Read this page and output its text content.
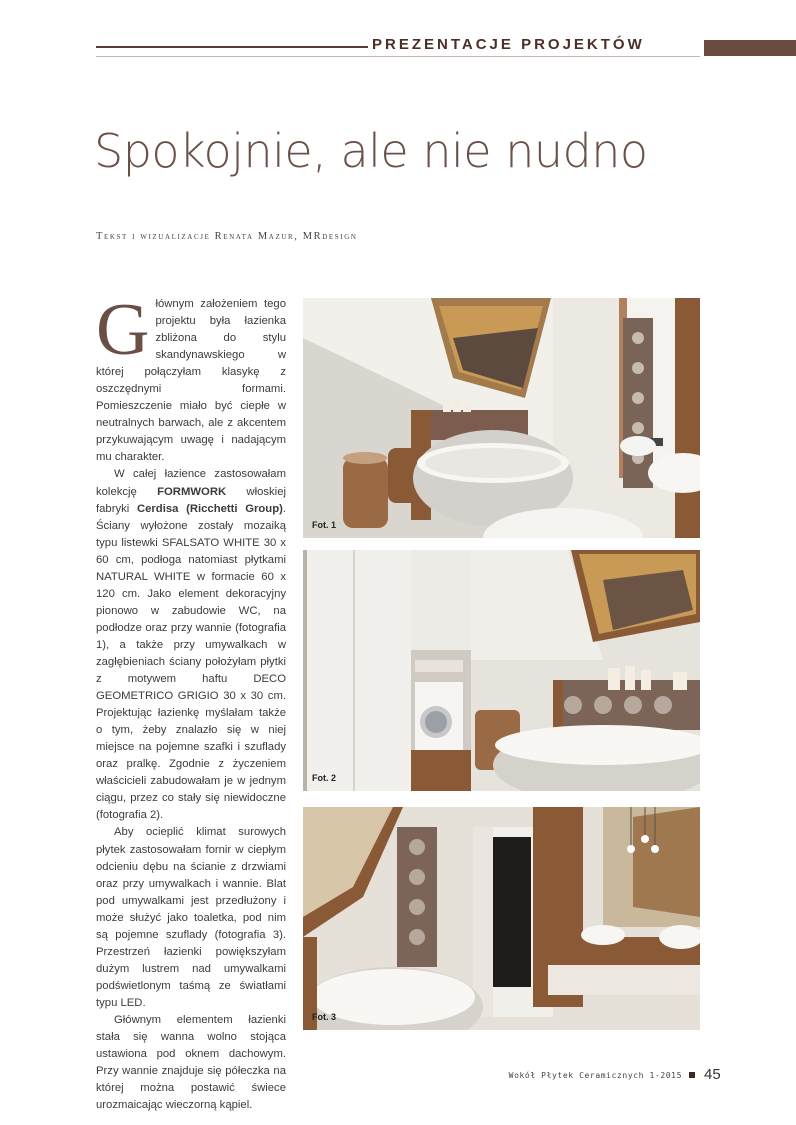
PREZENTACJE PROJEKTÓW
Spokojnie, ale nie nudno
Tekst i wizualizacje Renata Mazur, MRdesign

Głównym założeniem tego projektu była łazienka zbliżona do stylu skandynawskiego w której połączyłam klasykę z oszczędnymi formami. Pomieszczenie miało być ciepłe w neutralnych barwach, ale z akcentem przykuwającym uwagę i nadającym mu charakter.

W całej łazience zastosowałam kolekcję FORMWORK włoskiej fabryki Cerdisa (Ricchetti Group). Ściany wyłożone zostały mozaiką typu listewki SFALSATO WHITE 30 x 60 cm, podłoga natomiast płytkami NATURAL WHITE w formacie 60 x 120 cm. Jako element dekoracyjny pionowo w zabudowie WC, na podłodze oraz przy wannie (fotografia 1), a także przy umywalkach w zagłębieniach ściany położyłam płytki z motywem haftu DECO GEOMETRICO GRIGIO 30 x 30 cm. Projektując łazienkę myślałam także o tym, żeby znalazło się w niej miejsce na pojemne szafki i szuflady oraz pralkę. Zgodnie z życzeniem właścicieli zabudowałam je w jednym ciągu, przez co stały się niewidoczne (fotografia 2).

Aby ocieplić klimat surowych płytek zastosowałam fornir w ciepłym odcieniu dębu na ścianie z drzwiami oraz przy umywalkach i wannie. Blat pod umywalkami jest przedłużony i może służyć jako toaletka, pod nim są pojemne szuflady (fotografia 3). Przestrzeń łazienki powiększyłam dużym lustrem nad umywalkami podświetlonym taśmą ze światłami typu LED.

Głównym elementem łazienki stała się wanna wolno stojąca ustawiona pod oknem dachowym. Przy wannie znajduje się półeczka na której można postawić świece urozmaicając wieczorną kąpiel.

Fot. 1
Fot. 2
Fot. 3
Wokół Płytek Ceramicznych 1-2015 45
